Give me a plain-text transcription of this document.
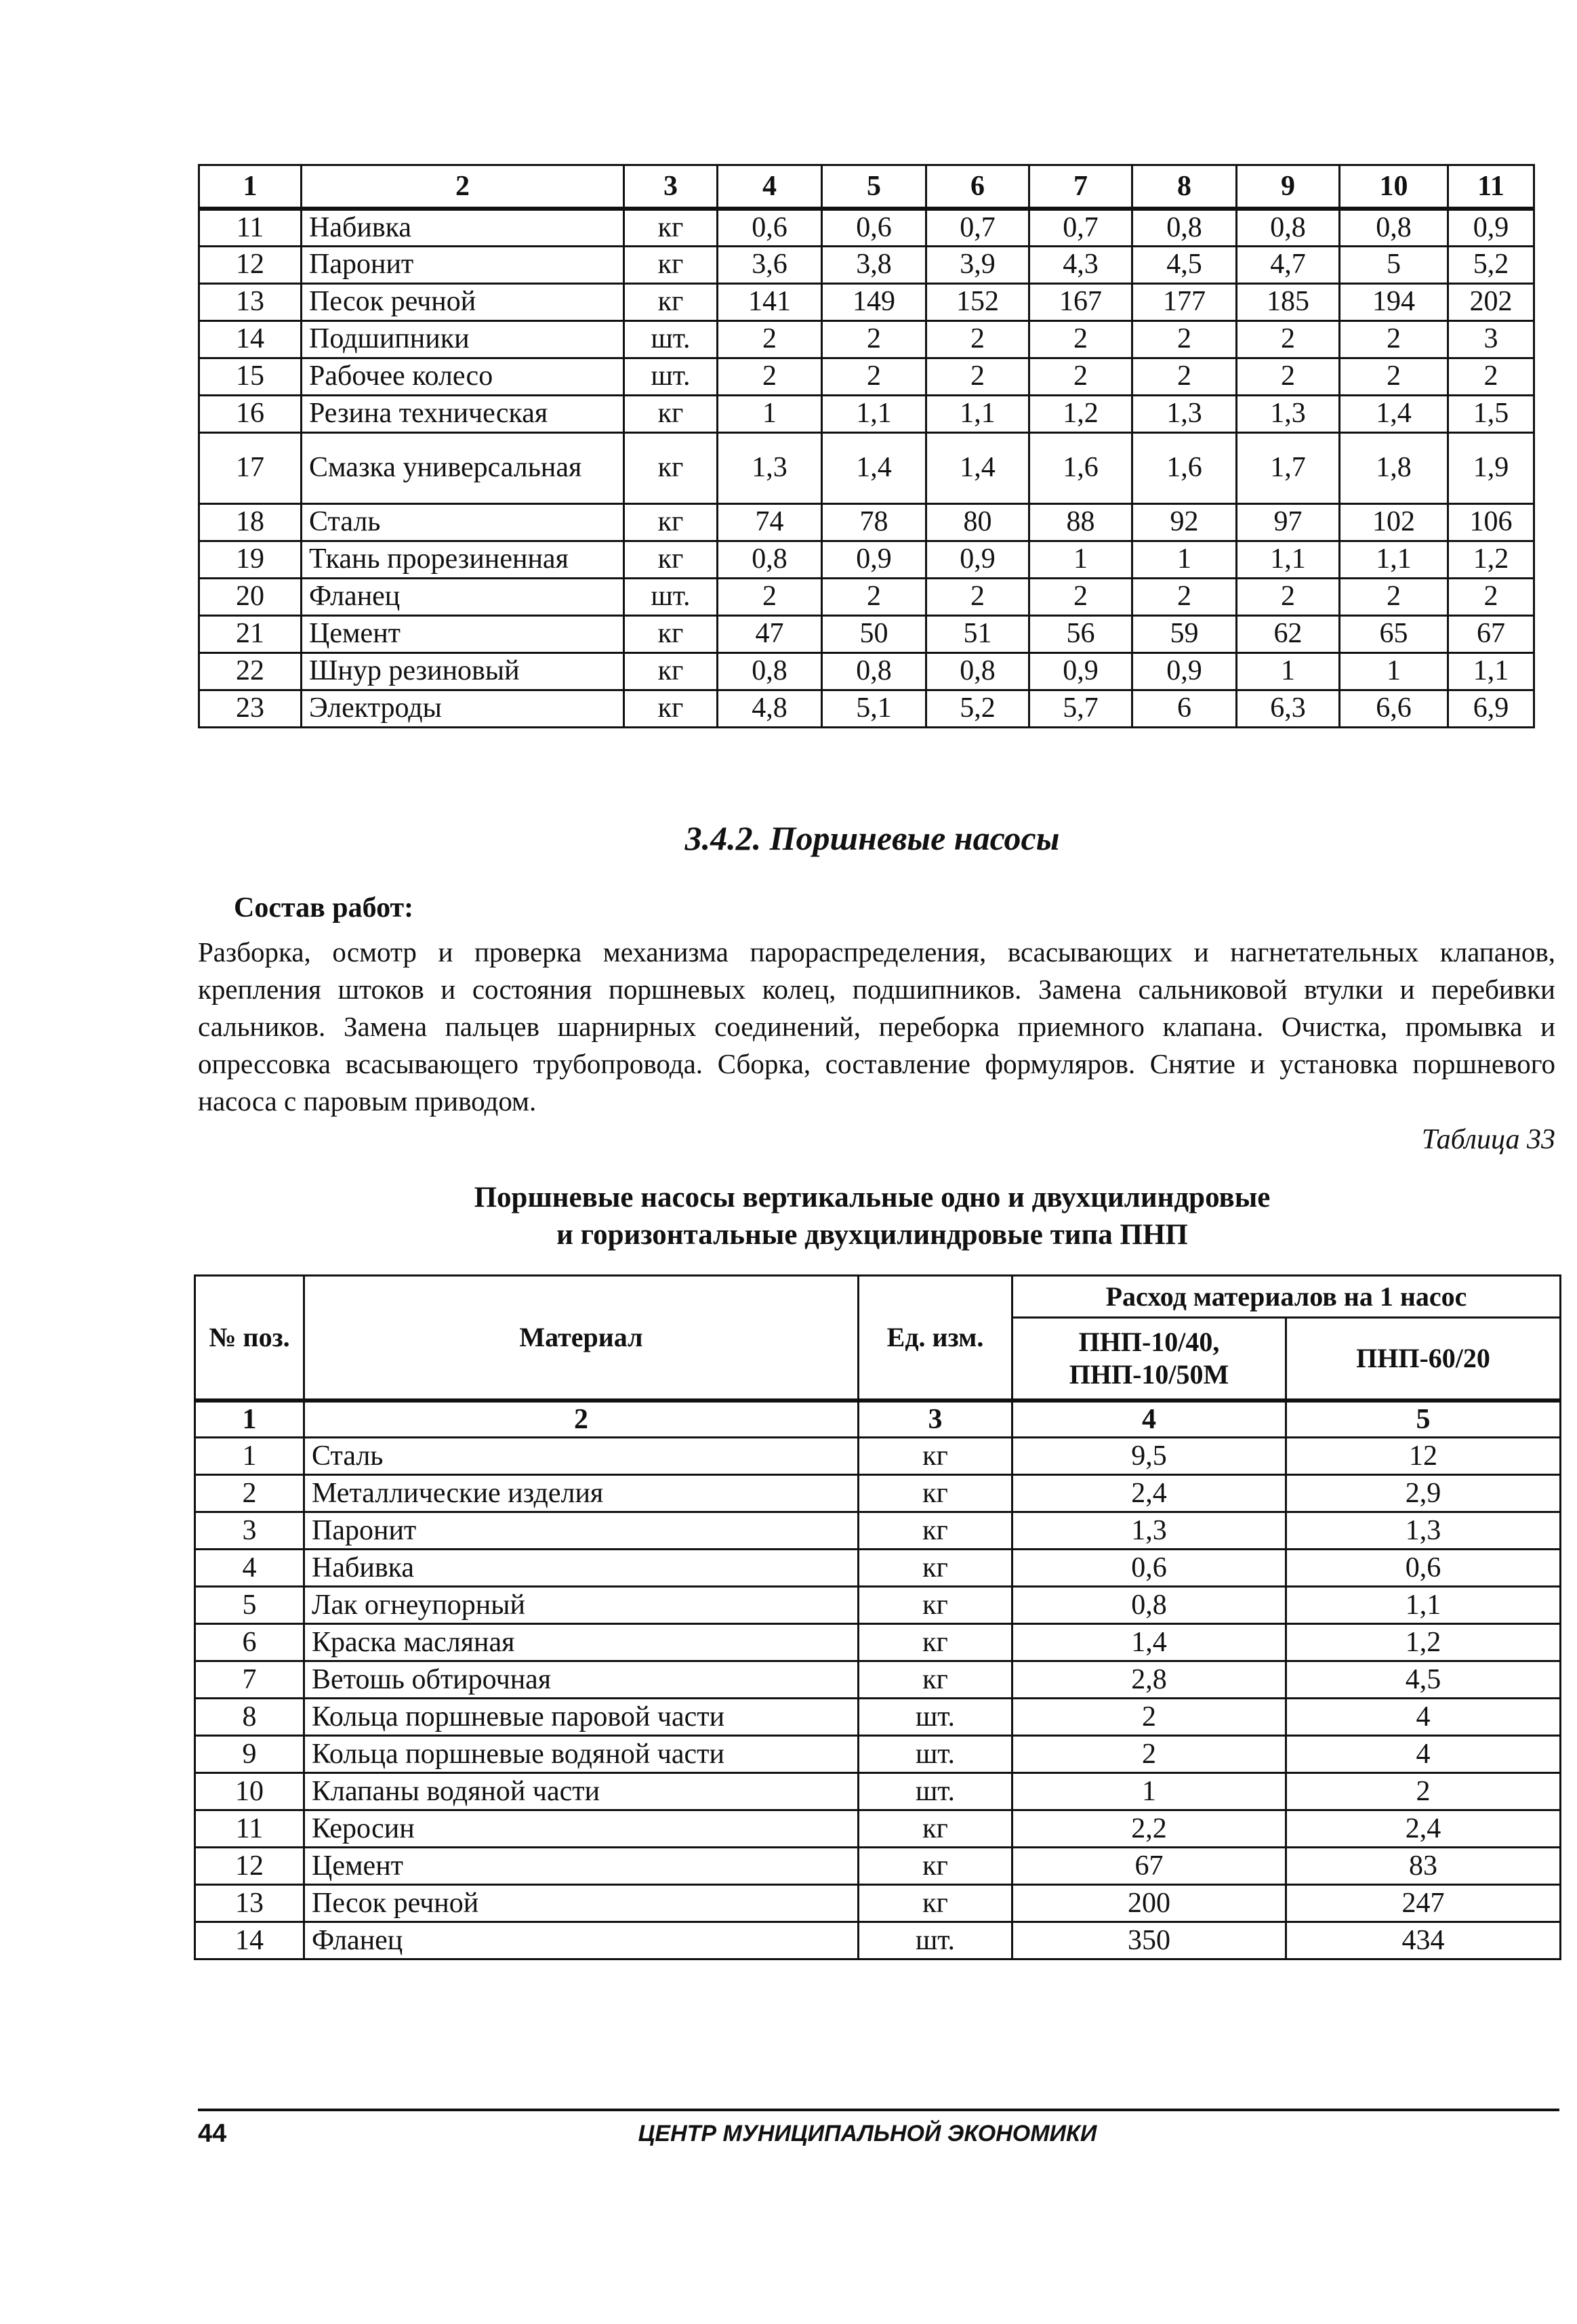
1	2	3	4	5	6	7	8	9	10	11
11	Набивка	кг	0,6	0,6	0,7	0,7	0,8	0,8	0,8	0,9
12	Паронит	кг	3,6	3,8	3,9	4,3	4,5	4,7	5	5,2
13	Песок речной	кг	141	149	152	167	177	185	194	202
14	Подшипники	шт.	2	2	2	2	2	2	2	3
15	Рабочее колесо	шт.	2	2	2	2	2	2	2	2
16	Резина техническая	кг	1	1,1	1,1	1,2	1,3	1,3	1,4	1,5
17	Смазка универсальная	кг	1,3	1,4	1,4	1,6	1,6	1,7	1,8	1,9
18	Сталь	кг	74	78	80	88	92	97	102	106
19	Ткань прорезиненная	кг	0,8	0,9	0,9	1	1	1,1	1,1	1,2
20	Фланец	шт.	2	2	2	2	2	2	2	2
21	Цемент	кг	47	50	51	56	59	62	65	67
22	Шнур резиновый	кг	0,8	0,8	0,8	0,9	0,9	1	1	1,1
23	Электроды	кг	4,8	5,1	5,2	5,7	6	6,3	6,6	6,9
3.4.2. Поршневые насосы
Состав работ:
Разборка, осмотр и проверка механизма парораспределения, всасывающих и нагнетательных клапанов, крепления штоков и состояния поршневых колец, подшипников. Замена сальниковой втулки и перебивки сальников. Замена пальцев шарнирных соединений, переборка приемного клапана. Очистка, промывка и опрессовка всасывающего трубопровода. Сборка, составление формуляров. Снятие и установка поршневого насоса с паровым приводом.
Таблица 33
Поршневые насосы вертикальные одно и двухцилиндровые
и горизонтальные двухцилиндровые типа ПНП
№ поз.	Материал	Ед. изм.	Расход материалов на 1 насос	
			ПНП-10/40, ПНП-10/50М	ПНП-60/20
1	2	3	4	5
1	Сталь	кг	9,5	12
2	Металлические изделия	кг	2,4	2,9
3	Паронит	кг	1,3	1,3
4	Набивка	кг	0,6	0,6
5	Лак огнеупорный	кг	0,8	1,1
6	Краска масляная	кг	1,4	1,2
7	Ветошь обтирочная	кг	2,8	4,5
8	Кольца поршневые паровой части	шт.	2	4
9	Кольца поршневые водяной части	шт.	2	4
10	Клапаны водяной части	шт.	1	2
11	Керосин	кг	2,2	2,4
12	Цемент	кг	67	83
13	Песок речной	кг	200	247
14	Фланец	шт.	350	434
44	ЦЕНТР МУНИЦИПАЛЬНОЙ ЭКОНОМИКИ
